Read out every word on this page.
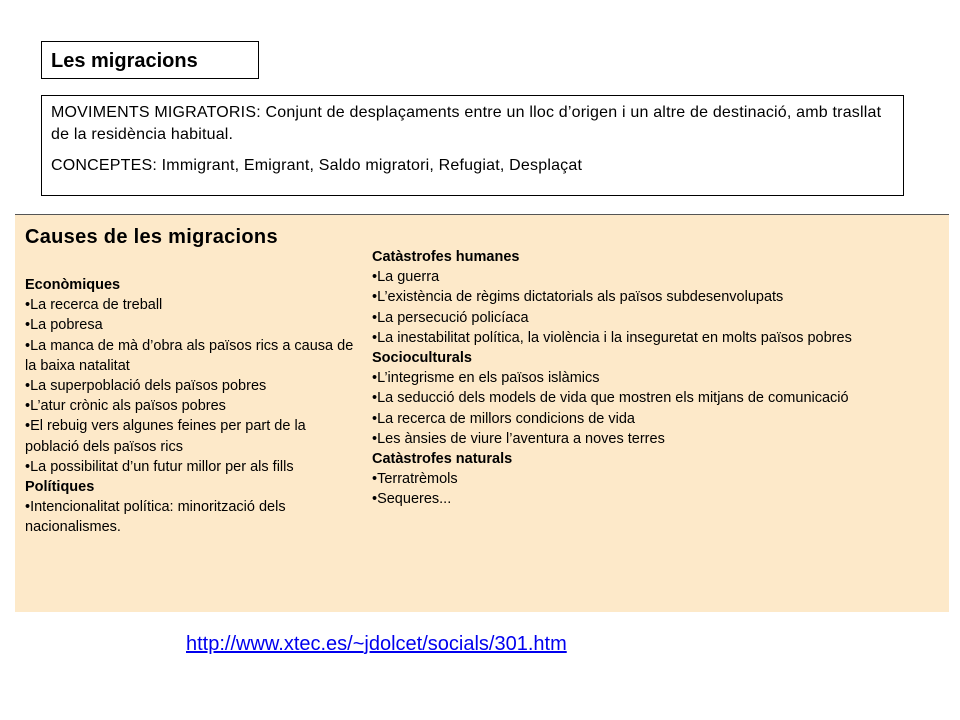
Les migracions

MOVIMENTS MIGRATORIS: Conjunt de desplaçaments entre un lloc d’origen i un altre de destinació, amb trasllat de la residència habitual.

CONCEPTES: Immigrant, Emigrant, Saldo migratori, Refugiat, Desplaçat

Causes de les migracions
Econòmiques
•La recerca de treball
•La pobresa
•La manca de mà d’obra als països rics a causa de la baixa natalitat
•La superpoblació dels països pobres
•L’atur crònic als països pobres
•El rebuig vers algunes feines per part de la població dels països rics
•La possibilitat d’un futur millor per als fills
Polítiques
•Intencionalitat política: minorització dels nacionalismes.
Catàstrofes humanes
•La guerra
•L’existència de règims dictatorials als països subdesenvolupats
•La persecució policíaca
•La inestabilitat política, la violència i la inseguretat en molts països pobres
Socioculturals
•L’integrisme en els països islàmics
•La seducció dels models de vida que mostren els mitjans de comunicació
•La recerca de millors condicions de vida
•Les ànsies de viure l’aventura a noves terres
Catàstrofes naturals
•Terratrèmols
•Sequeres...
http://www.xtec.es/~jdolcet/socials/301.htm
